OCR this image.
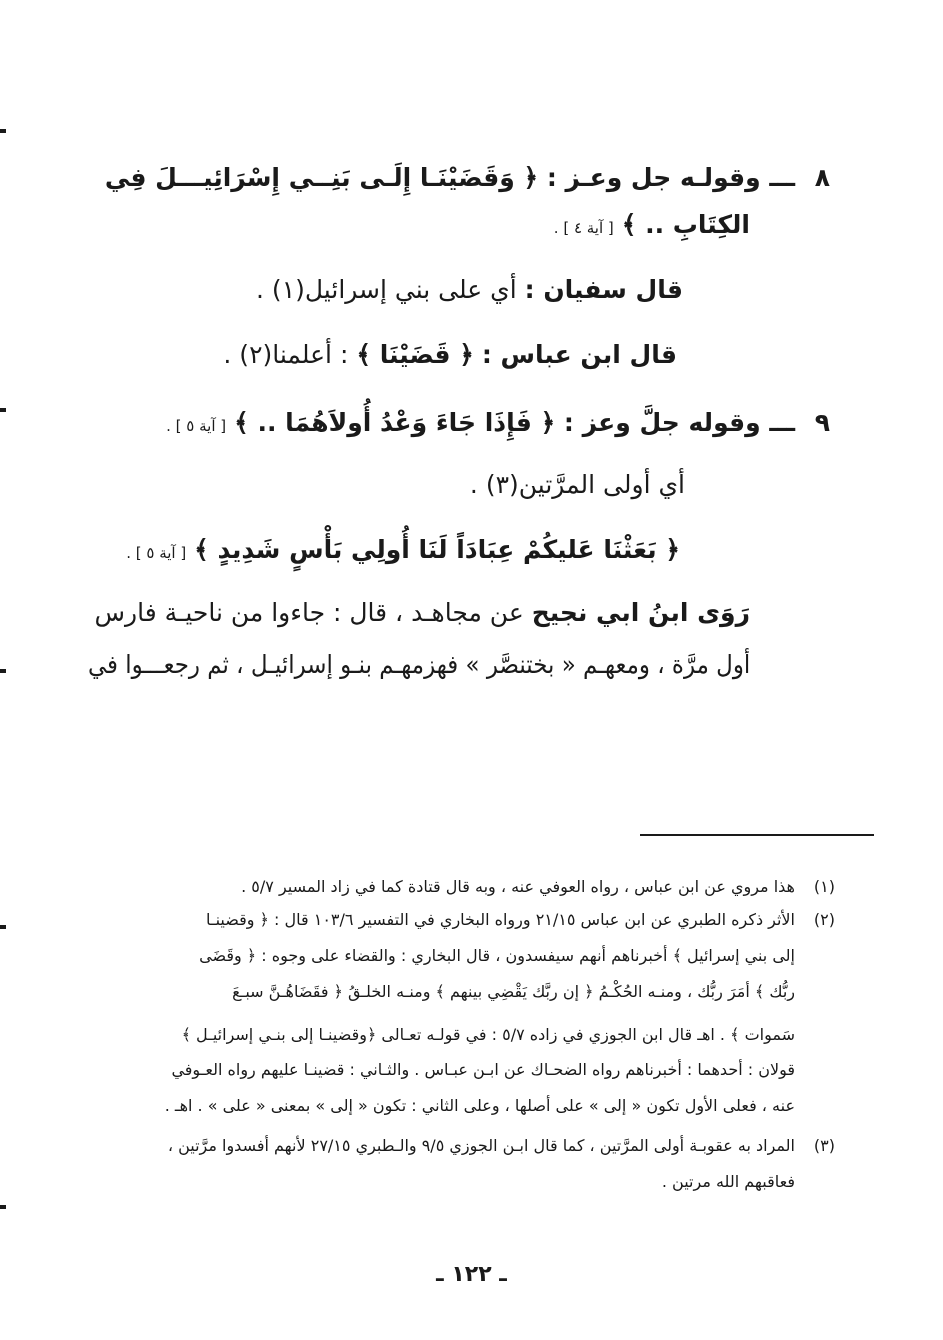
٨
ـــ وقولـه جل وعـز : ﴿ وَقَضَيْنَـا إِلَـى بَنِــي إِسْرَائِيـــلَ فِي
الكِتَابِ .. ﴾ [ آية ٤ ] .
قال سفيان : أي على بني إسرائيل(١) .
قال ابن عباس : ﴿ قَضَيْنَا ﴾ : أعلمنا(٢) .
٩
ـــ وقوله جلَّ وعز : ﴿ فَإِذَا جَاءَ وَعْدُ أُولاَهُمَا .. ﴾ [ آية ٥ ] .
أي أولى المرَّتين(٣) .
﴿ بَعَثْنَا عَليكُمْ عِبَادَاً لَنَا أُولِي بَأْسٍ شَدِيدٍ ﴾ [ آية ٥ ] .
رَوَى ابنُ ابي نجيح عن مجاهـد ، قال : جاءوا من ناحيـة فارس
أول مرَّة ، ومعهـم « بختنصَّر » فهزمهـم بنـو إسرائيـل ، ثم رجعـــوا في
(١)
هذا مروي عن ابن عباس ، رواه العوفي عنه ، وبه قال قتادة كما في زاد المسير ٥/٧ .
(٢)
الأثر ذكره الطبري عن ابن عباس ٢١/١٥ ورواه البخاري في التفسير ١٠٣/٦ قال : ﴿ وقضينـا
إلى بني إسرائيل ﴾ أخبرناهم أنهم سيفسدون ، قال البخاري : والقضاء على وجوه : ﴿ وقَضَى
ربُّك ﴾ أمَرَ ربُّك ، ومنـه الحُكْـمُ ﴿ إن ربَّك يَقْضِي بينهم ﴾ ومنـه الخلـقُ ﴿ فقَضَاهُـنَّ سبـعَ
سَموات ﴾ . اهـ قال ابن الجوزي في زاده ٥/٧ : في قولـه تعـالى ﴿وقضينـا إلى بنـي إسرائيـل ﴾
قولان : أحدهما : أخبرناهم رواه الضحـاك عن ابـن عبـاس . والثـاني : قضينـا عليهم رواه العـوفي
عنه ، فعلى الأول تكون « إلى » على أصلها ، وعلى الثاني : تكون « إلى » بمعنى « على » . اهـ .
(٣)
المراد به عقوبـة أولى المرَّتين ، كما قال ابـن الجوزي ٩/٥ والـطبري ٢٧/١٥ لأنهم أفسدوا مرَّتين ،
فعاقبهم الله مرتين .
ـ ١٢٢ ـ
